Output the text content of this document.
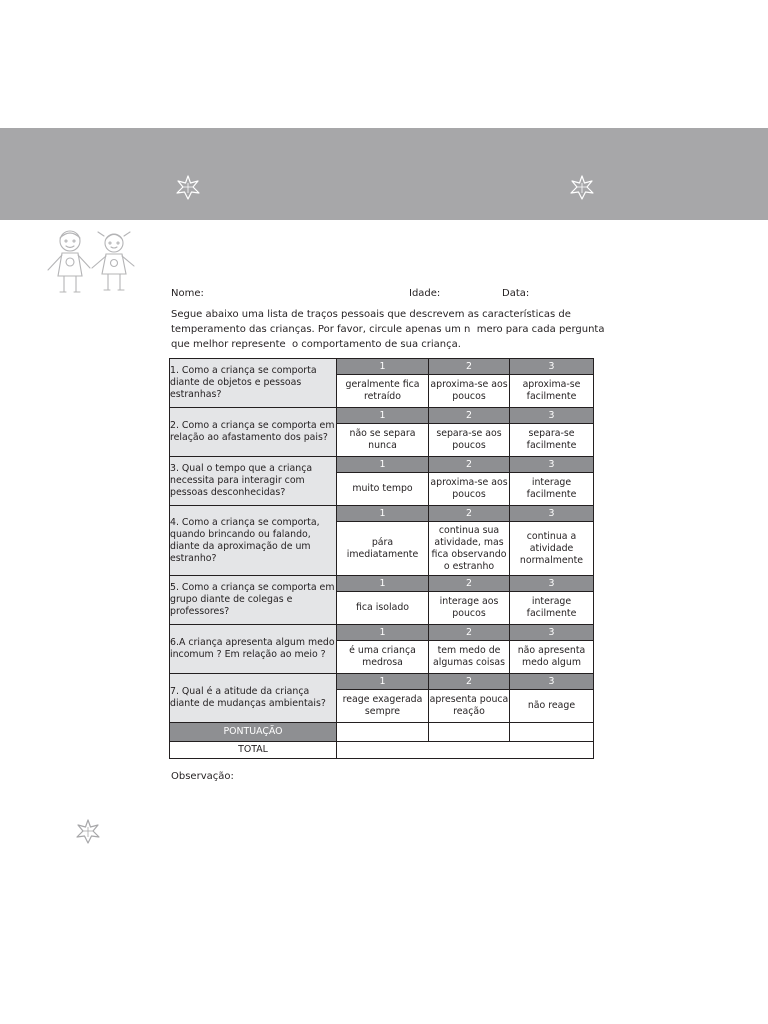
Nome:	Idade:	Data:
Segue abaixo uma lista de traços pessoais que descrevem as características de
temperamento das crianças. Por favor, circule apenas um n  mero para cada pergunta
que melhor represente  o comportamento de sua criança.
1. Como a criança se comporta diante de objetos e pessoas estranhas?	1	2	3
	geralmente fica retraído	aproxima-se aos poucos	aproxima-se facilmente
2. Como a criança se comporta em relação ao afastamento dos pais?	1	2	3
	não se separa nunca	separa-se aos poucos	separa-se facilmente
3. Qual o tempo que a criança necessita para interagir com pessoas desconhecidas?	1	2	3
	muito tempo	aproxima-se aos poucos	interage facilmente
4. Como a criança se comporta, quando brincando ou falando, diante da aproximação de um estranho?	1	2	3
	pára imediatamente	continua sua atividade, mas fica observando o estranho	continua a atividade normalmente
5. Como a criança se comporta em grupo diante de colegas e professores?	1	2	3
	fica isolado	interage aos poucos	interage facilmente
6.A criança apresenta algum medo incomum ? Em relação ao meio ?	1	2	3
	é uma criança medrosa	tem medo de algumas coisas	não apresenta medo algum
7. Qual é a atitude da criança diante de mudanças ambientais?	1	2	3
	reage exagerada sempre	apresenta pouca reação	não reage
PONTUAÇÃO			
TOTAL			
Observação:
